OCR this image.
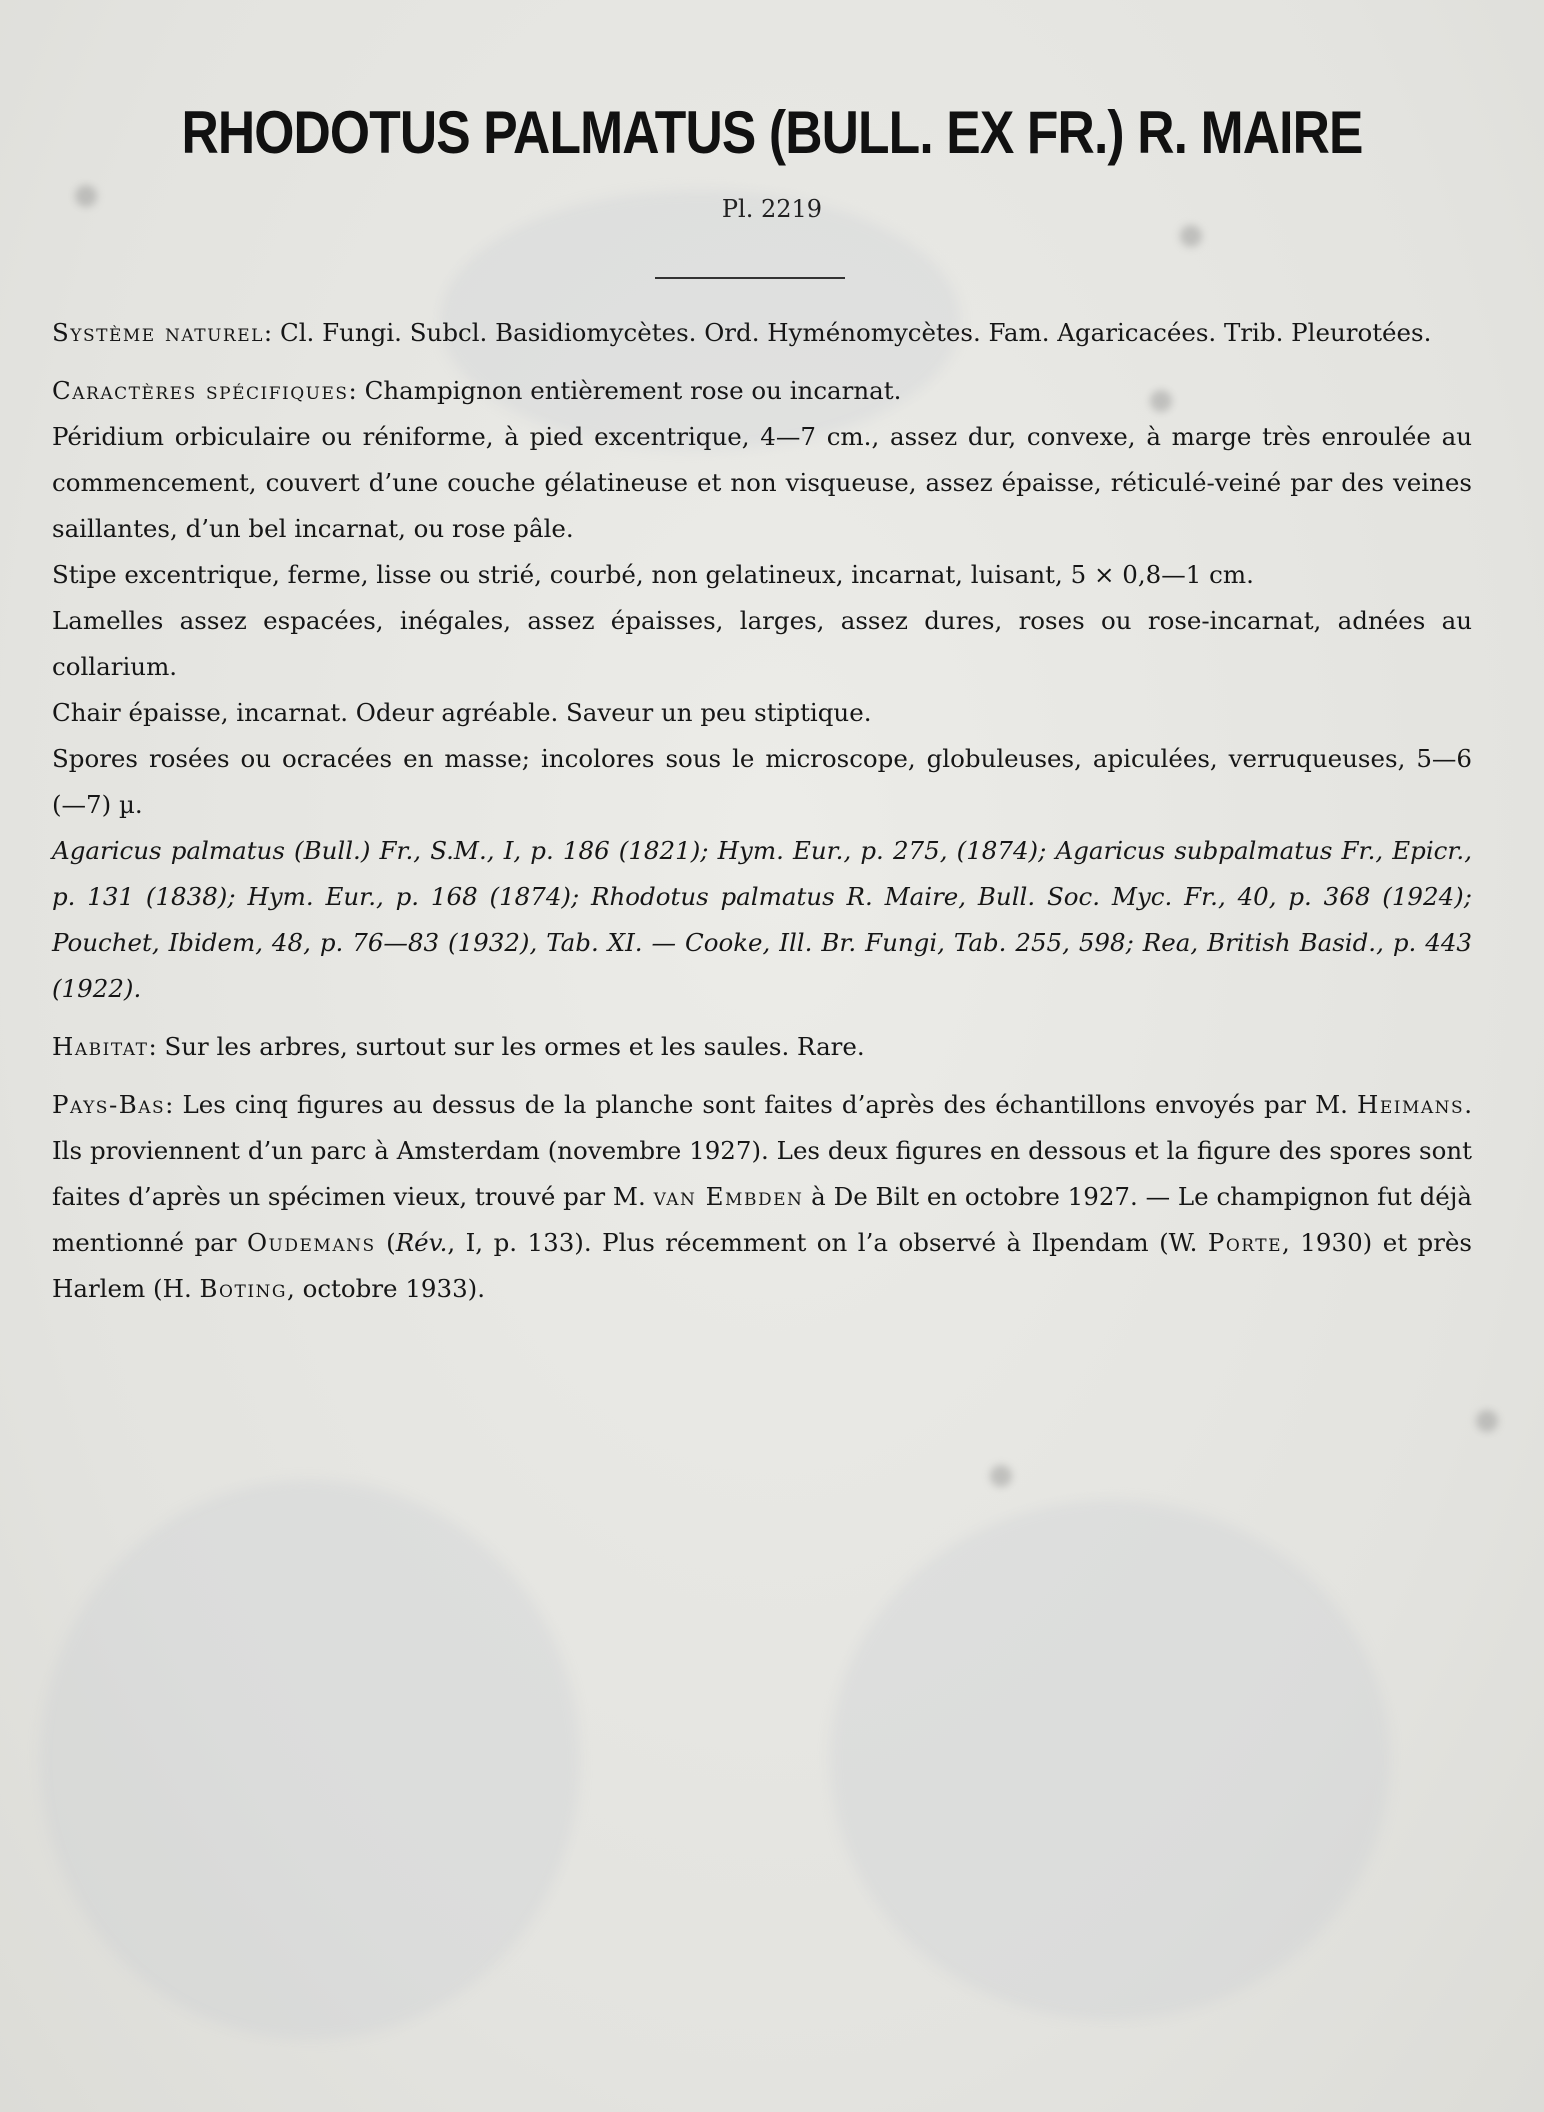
RHODOTUS PALMATUS (BULL. EX FR.) R. MAIRE
Pl. 2219

Système naturel: Cl. Fungi. Subcl. Basidiomycètes. Ord. Hyménomycètes. Fam. Agaricacées. Trib. Pleurotées.

Caractères spécifiques: Champignon entièrement rose ou incarnat.

Péridium orbiculaire ou réniforme, à pied excentrique, 4—7 cm., assez dur, convexe, à marge très enroulée au commencement, couvert d’une couche gélatineuse et non visqueuse, assez épaisse, réticulé-veiné par des veines saillantes, d’un bel incarnat, ou rose pâle.

Stipe excentrique, ferme, lisse ou strié, courbé, non gelatineux, incarnat, luisant, 5 × 0,8—1 cm.

Lamelles assez espacées, inégales, assez épaisses, larges, assez dures, roses ou rose-incarnat, adnées au collarium.

Chair épaisse, incarnat. Odeur agréable. Saveur un peu stiptique.

Spores rosées ou ocracées en masse; incolores sous le microscope, globuleuses, apiculées, verruqueuses, 5—6 (—7) µ.

Agaricus palmatus (Bull.) Fr., S.M., I, p. 186 (1821); Hym. Eur., p. 275, (1874); Agaricus subpalmatus Fr., Epicr., p. 131 (1838); Hym. Eur., p. 168 (1874); Rhodotus palmatus R. Maire, Bull. Soc. Myc. Fr., 40, p. 368 (1924); Pouchet, Ibidem, 48, p. 76—83 (1932), Tab. XI. — Cooke, Ill. Br. Fungi, Tab. 255, 598; Rea, British Basid., p. 443 (1922).

Habitat: Sur les arbres, surtout sur les ormes et les saules. Rare.

Pays-Bas: Les cinq figures au dessus de la planche sont faites d’après des échantillons envoyés par M. Heimans. Ils proviennent d’un parc à Amsterdam (novembre 1927). Les deux figures en dessous et la figure des spores sont faites d’après un spécimen vieux, trouvé par M. van Embden à De Bilt en octobre 1927. — Le champignon fut déjà mentionné par Oudemans (Rév., I, p. 133). Plus récemment on l’a observé à Ilpendam (W. Porte, 1930) et près Harlem (H. Boting, octobre 1933).
